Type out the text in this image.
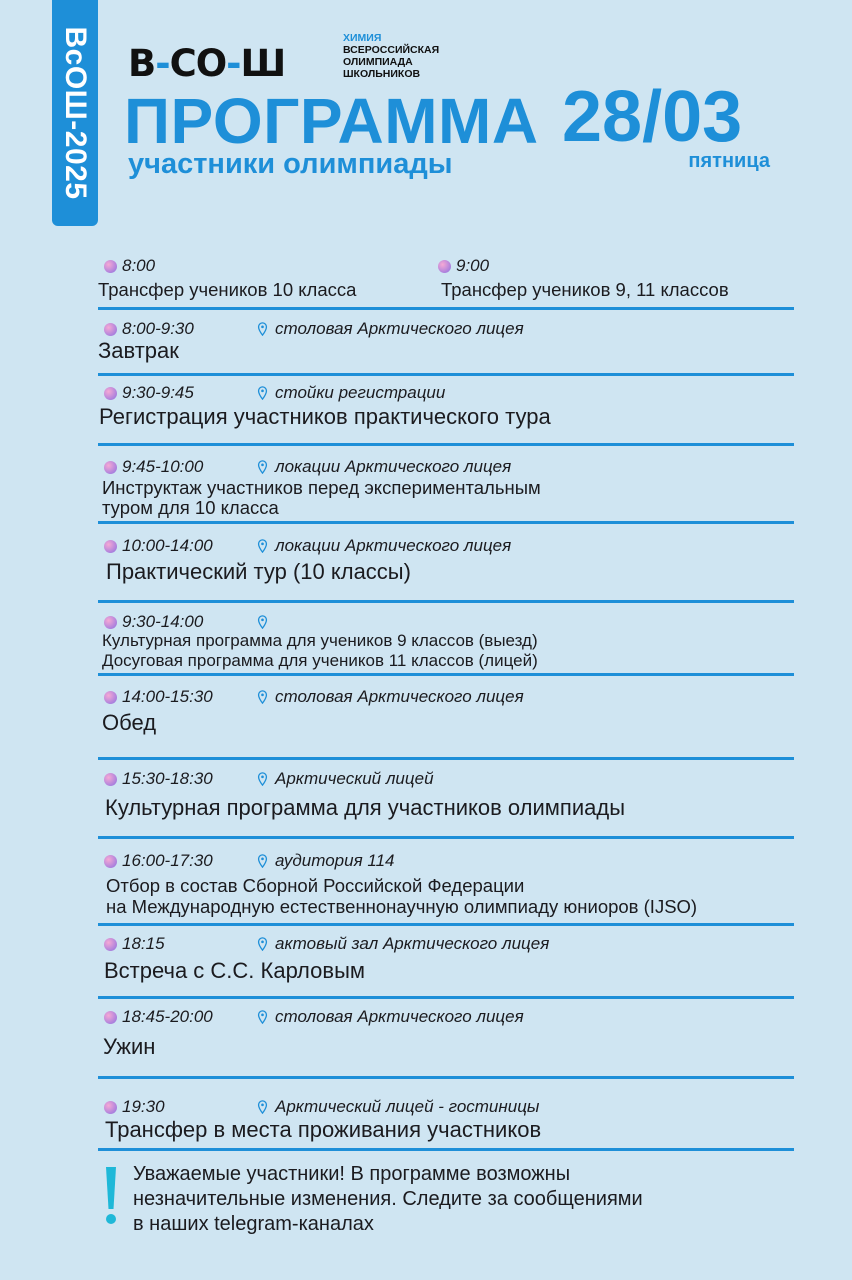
ВсОШ-2025 В-СО-Ш
ХИМИЯ
ВСЕРОССИЙСКАЯ
ОЛИМПИАДА
ШКОЛЬНИКОВ
ПРОГРАММА
участники олимпиады
28/03
пятница
8:00
Трансфер учеников 10 класса
9:00
Трансфер учеников 9, 11 классов
8:00-9:30	столовая Арктического лицея
Завтрак
9:30-9:45	стойки регистрации
Регистрация участников практического тура
9:45-10:00	локации Арктического лицея
Инструктаж участников перед экспериментальным
туром для 10 класса
10:00-14:00	локации Арктического лицея
Практический тур (10 классы)
9:30-14:00
Культурная программа для учеников 9 классов (выезд)
Досуговая программа для учеников 11 классов (лицей)
14:00-15:30	столовая Арктического лицея
Обед
15:30-18:30	Арктический лицей
Культурная программа для участников олимпиады
16:00-17:30	аудитория 114
Отбор в состав Сборной Российской Федерации
на Международную естественнонаучную олимпиаду юниоров (IJSO)
18:15	актовый зал Арктического лицея
Встреча с С.С. Карловым
18:45-20:00	столовая Арктического лицея
Ужин
19:30	Арктический лицей - гостиницы
Трансфер в места проживания участников
Уважаемые участники! В программе возможны
незначительные изменения. Следите за сообщениями
в наших telegram-каналах
